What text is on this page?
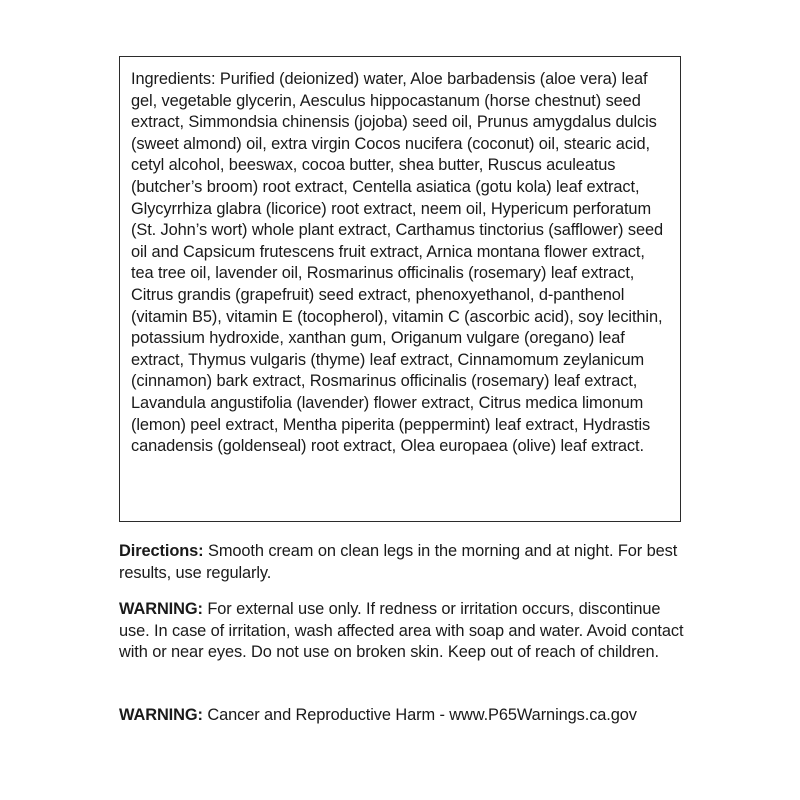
Ingredients: Purified (deionized) water, Aloe barbadensis (aloe vera) leaf gel, vegetable glycerin, Aesculus hippocastanum (horse chestnut) seed extract, Simmondsia chinensis (jojoba) seed oil, Prunus amygdalus dulcis (sweet almond) oil, extra virgin Cocos nucifera (coconut) oil, stearic acid, cetyl alcohol, beeswax, cocoa butter, shea butter, Ruscus aculeatus (butcher’s broom) root extract, Centella asiatica (gotu kola) leaf extract, Glycyrrhiza glabra (licorice) root extract, neem oil, Hypericum perforatum (St. John’s wort) whole plant extract, Carthamus tinctorius (safflower) seed oil and Capsicum frutescens fruit extract, Arnica montana flower extract, tea tree oil, lavender oil, Rosmarinus officinalis (rosemary) leaf extract, Citrus grandis (grapefruit) seed extract, phenoxyethanol, d-panthenol (vitamin B5), vitamin E (tocopherol), vitamin C (ascorbic acid), soy lecithin, potassium hydroxide, xanthan gum, Origanum vulgare (oregano) leaf extract, Thymus vulgaris (thyme) leaf extract, Cinnamomum zeylanicum (cinnamon) bark extract, Rosmarinus officinalis (rosemary) leaf extract, Lavandula angustifolia (lavender) flower extract, Citrus medica limonum (lemon) peel extract, Mentha piperita (peppermint) leaf extract, Hydrastis canadensis (goldenseal) root extract, Olea europaea (olive) leaf extract.

Directions: Smooth cream on clean legs in the morning and at night. For best results, use regularly.

WARNING: For external use only. If redness or irritation occurs, discontinue use. In case of irritation, wash affected area with soap and water. Avoid contact with or near eyes. Do not use on broken skin. Keep out of reach of children.

WARNING: Cancer and Reproductive Harm - www.P65Warnings.ca.gov
